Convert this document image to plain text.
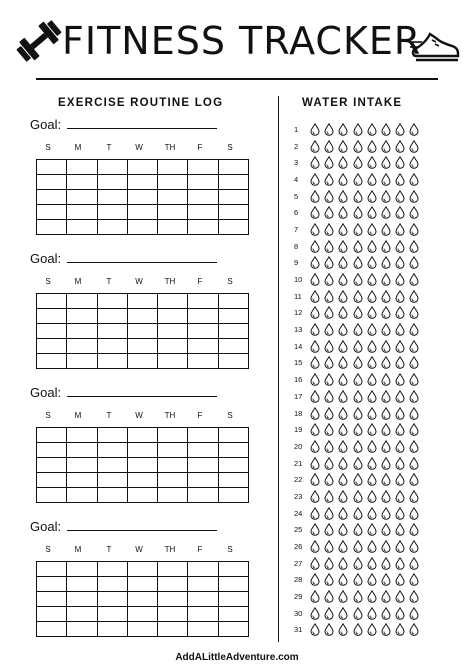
FITNESS TRACKER
EXERCISE ROUTINE LOG	WATER INTAKE
Goal:
S	M	T	W	TH	F	S

Goal:
S	M	T	W	TH	F	S

Goal:
S	M	T	W	TH	F	S

Goal:
S	M	T	W	TH	F	S

1
2
3
4
5
6
7
8
9
10
11
12
13
14
15
16
17
18
19
20
21
22
23
24
25
26
27
28
29
30
31
AddALittleAdventure.com
